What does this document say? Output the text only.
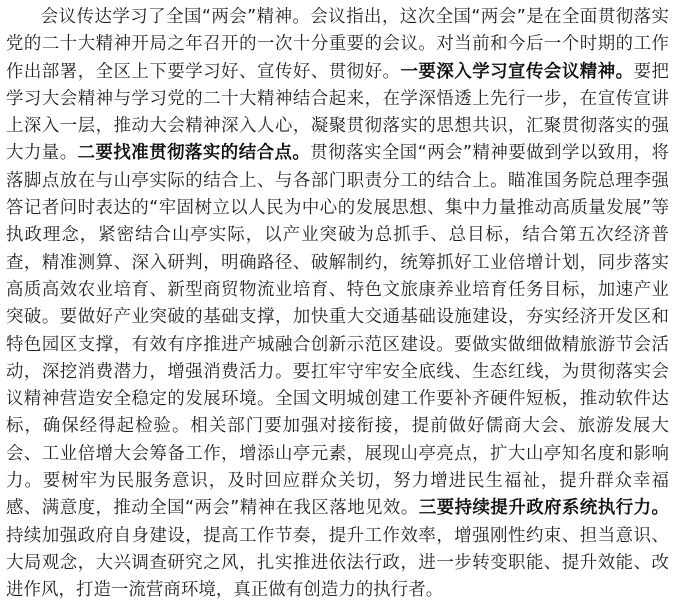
会议传达学习了全国“两会”精神。会议指出，这次全国“两会”是在全面贯彻落实党的二十大精神开局之年召开的一次十分重要的会议。对当前和今后一个时期的工作作出部署，全区上下要学习好、宣传好、贯彻好。一要深入学习宣传会议精神。要把学习大会精神与学习党的二十大精神结合起来，在学深悟透上先行一步，在宣传宣讲上深入一层，推动大会精神深入人心，凝聚贯彻落实的思想共识，汇聚贯彻落实的强大力量。二要找准贯彻落实的结合点。贯彻落实全国“两会”精神要做到学以致用，将落脚点放在与山亭实际的结合上、与各部门职责分工的结合上。瞄准国务院总理李强答记者问时表达的“牢固树立以人民为中心的发展思想、集中力量推动高质量发展”等执政理念，紧密结合山亭实际，以产业突破为总抓手、总目标，结合第五次经济普查，精准测算、深入研判，明确路径、破解制约，统筹抓好工业倍增计划，同步落实高质高效农业培育、新型商贸物流业培育、特色文旅康养业培育任务目标，加速产业突破。要做好产业突破的基础支撑，加快重大交通基础设施建设，夯实经济开发区和特色园区支撑，有效有序推进产城融合创新示范区建设。要做实做细做精旅游节会活动，深挖消费潜力，增强消费活力。要扛牢守牢安全底线、生态红线，为贯彻落实会议精神营造安全稳定的发展环境。全国文明城创建工作要补齐硬件短板，推动软件达标，确保经得起检验。相关部门要加强对接衔接，提前做好儒商大会、旅游发展大会、工业倍增大会筹备工作，增添山亭元素，展现山亭亮点，扩大山亭知名度和影响力。要树牢为民服务意识，及时回应群众关切，努力增进民生福祉，提升群众幸福感、满意度，推动全国“两会”精神在我区落地见效。三要持续提升政府系统执行力。持续加强政府自身建设，提高工作节奏，提升工作效率，增强刚性约束、担当意识、大局观念，大兴调查研究之风，扎实推进依法行政，进一步转变职能、提升效能、改进作风，打造一流营商环境，真正做有创造力的执行者。
